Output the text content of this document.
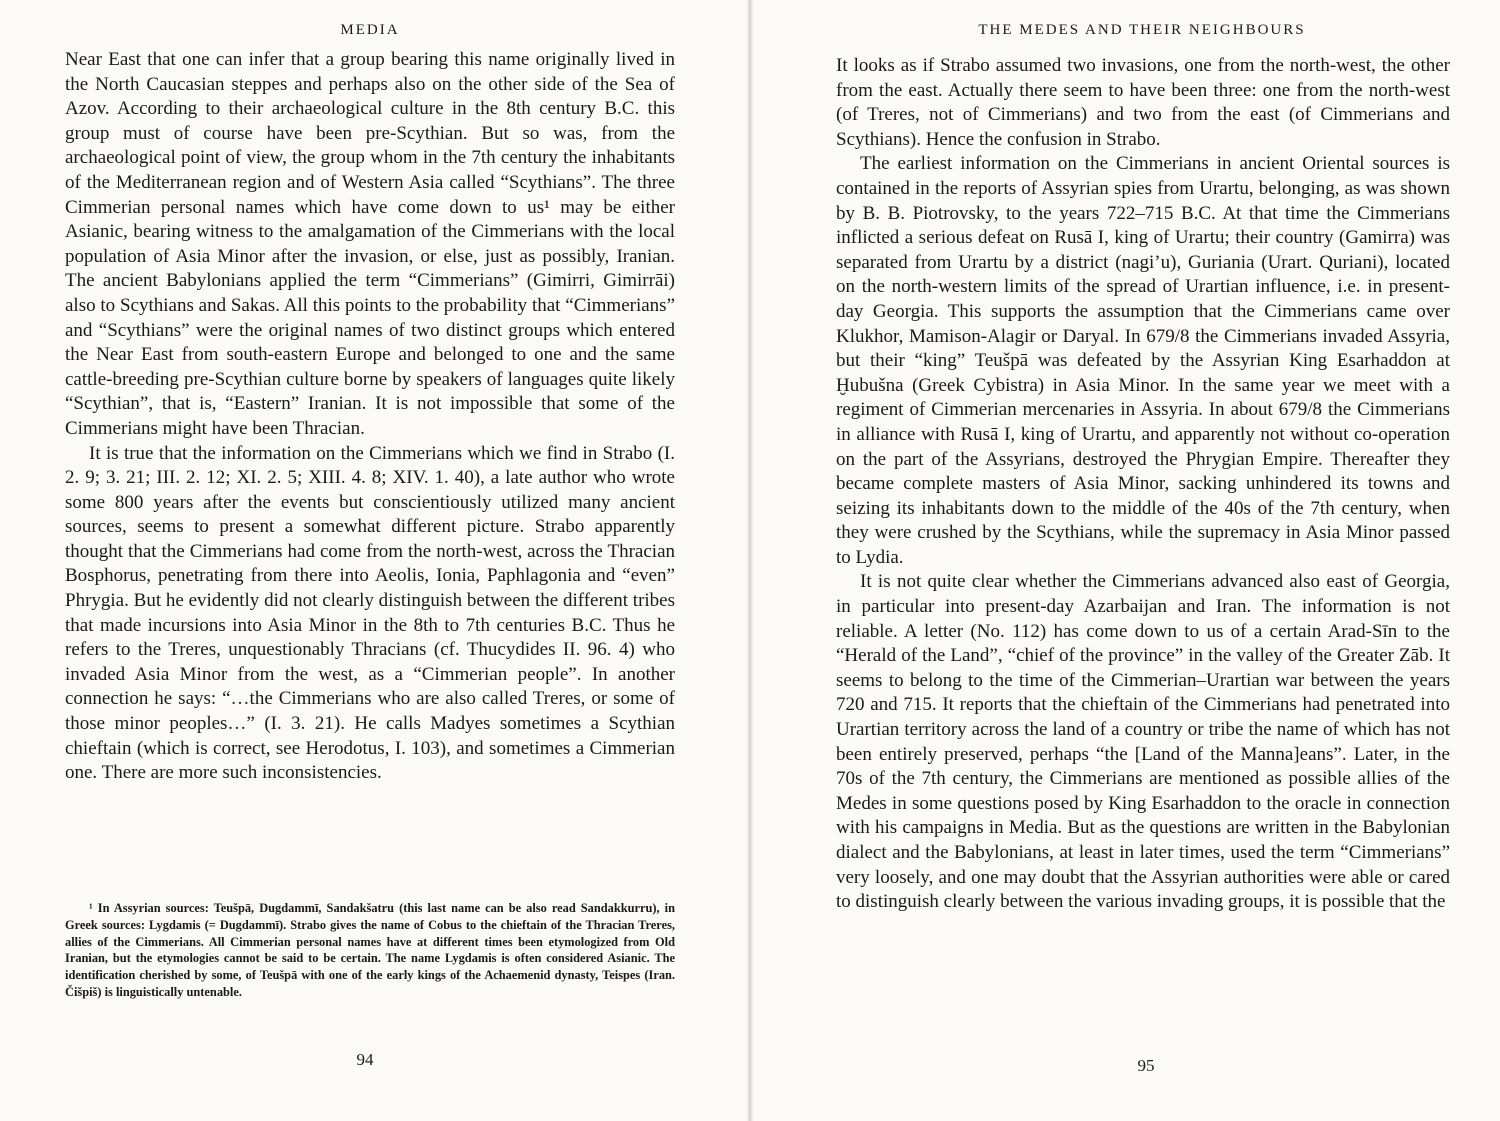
MEDIA

Near East that one can infer that a group bearing this name originally lived in the North Caucasian steppes and perhaps also on the other side of the Sea of Azov. According to their archaeological culture in the 8th century B.C. this group must of course have been pre-Scythian. But so was, from the archaeological point of view, the group whom in the 7th century the inhabitants of the Mediterranean region and of Western Asia called “Scythians”. The three Cimmerian personal names which have come down to us¹ may be either Asianic, bearing witness to the amalgamation of the Cimmerians with the local population of Asia Minor after the invasion, or else, just as possibly, Iranian. The ancient Babylonians applied the term “Cimmerians” (Gimirri, Gimirrāi) also to Scythians and Sakas. All this points to the probability that “Cimmerians” and “Scythians” were the original names of two distinct groups which entered the Near East from south-eastern Europe and belonged to one and the same cattle-breeding pre-Scythian culture borne by speakers of languages quite likely “Scythian”, that is, “Eastern” Iranian. It is not impossible that some of the Cimmerians might have been Thracian.

It is true that the information on the Cimmerians which we find in Strabo (I. 2. 9; 3. 21; III. 2. 12; XI. 2. 5; XIII. 4. 8; XIV. 1. 40), a late author who wrote some 800 years after the events but conscientiously utilized many ancient sources, seems to present a somewhat different picture. Strabo apparently thought that the Cimmerians had come from the north-west, across the Thracian Bosphorus, penetrating from there into Aeolis, Ionia, Paphlagonia and “even” Phrygia. But he evidently did not clearly distinguish between the different tribes that made incursions into Asia Minor in the 8th to 7th centuries B.C. Thus he refers to the Treres, unquestionably Thracians (cf. Thucydides II. 96. 4) who invaded Asia Minor from the west, as a “Cimmerian people”. In another connection he says: “…the Cimmerians who are also called Treres, or some of those minor peoples…” (I. 3. 21). He calls Madyes sometimes a Scythian chieftain (which is correct, see Herodotus, I. 103), and sometimes a Cimmerian one. There are more such inconsistencies.

¹ In Assyrian sources: Teušpā, Dugdammī, Sandakšatru (this last name can be also read Sandakkurru), in Greek sources: Lygdamis (= Dugdammī). Strabo gives the name of Cobus to the chieftain of the Thracian Treres, allies of the Cimmerians. All Cimmerian personal names have at different times been etymologized from Old Iranian, but the etymologies cannot be said to be certain. The name Lygdamis is often considered Asianic. The identification cherished by some, of Teušpā with one of the early kings of the Achaemenid dynasty, Teispes (Iran. Čišpiš) is linguistically untenable.

94
THE MEDES AND THEIR NEIGHBOURS

It looks as if Strabo assumed two invasions, one from the north-west, the other from the east. Actually there seem to have been three: one from the north-west (of Treres, not of Cimmerians) and two from the east (of Cimmerians and Scythians). Hence the confusion in Strabo.

The earliest information on the Cimmerians in ancient Oriental sources is contained in the reports of Assyrian spies from Urartu, belonging, as was shown by B. B. Piotrovsky, to the years 722–715 B.C. At that time the Cimmerians inflicted a serious defeat on Rusā I, king of Urartu; their country (Gamirra) was separated from Urartu by a district (nagi’u), Guriania (Urart. Quriani), located on the north-western limits of the spread of Urartian influence, i.e. in present-day Georgia. This supports the assumption that the Cimmerians came over Klukhor, Mamison-Alagir or Daryal. In 679/8 the Cimmerians invaded Assyria, but their “king” Teušpā was defeated by the Assyrian King Esarhaddon at Ḫubušna (Greek Cybistra) in Asia Minor. In the same year we meet with a regiment of Cimmerian mercenaries in Assyria. In about 679/8 the Cimmerians in alliance with Rusā I, king of Urartu, and apparently not without co-operation on the part of the Assyrians, destroyed the Phrygian Empire. Thereafter they became complete masters of Asia Minor, sacking unhindered its towns and seizing its inhabitants down to the middle of the 40s of the 7th century, when they were crushed by the Scythians, while the supremacy in Asia Minor passed to Lydia.

It is not quite clear whether the Cimmerians advanced also east of Georgia, in particular into present-day Azarbaijan and Iran. The information is not reliable. A letter (No. 112) has come down to us of a certain Arad-Sīn to the “Herald of the Land”, “chief of the province” in the valley of the Greater Zāb. It seems to belong to the time of the Cimmerian–Urartian war between the years 720 and 715. It reports that the chieftain of the Cimmerians had penetrated into Urartian territory across the land of a country or tribe the name of which has not been entirely preserved, perhaps “the [Land of the Manna]eans”. Later, in the 70s of the 7th century, the Cimmerians are mentioned as possible allies of the Medes in some questions posed by King Esarhaddon to the oracle in connection with his campaigns in Media. But as the questions are written in the Babylonian dialect and the Babylonians, at least in later times, used the term “Cimmerians” very loosely, and one may doubt that the Assyrian authorities were able or cared to distinguish clearly between the various invading groups, it is possible that the

95
